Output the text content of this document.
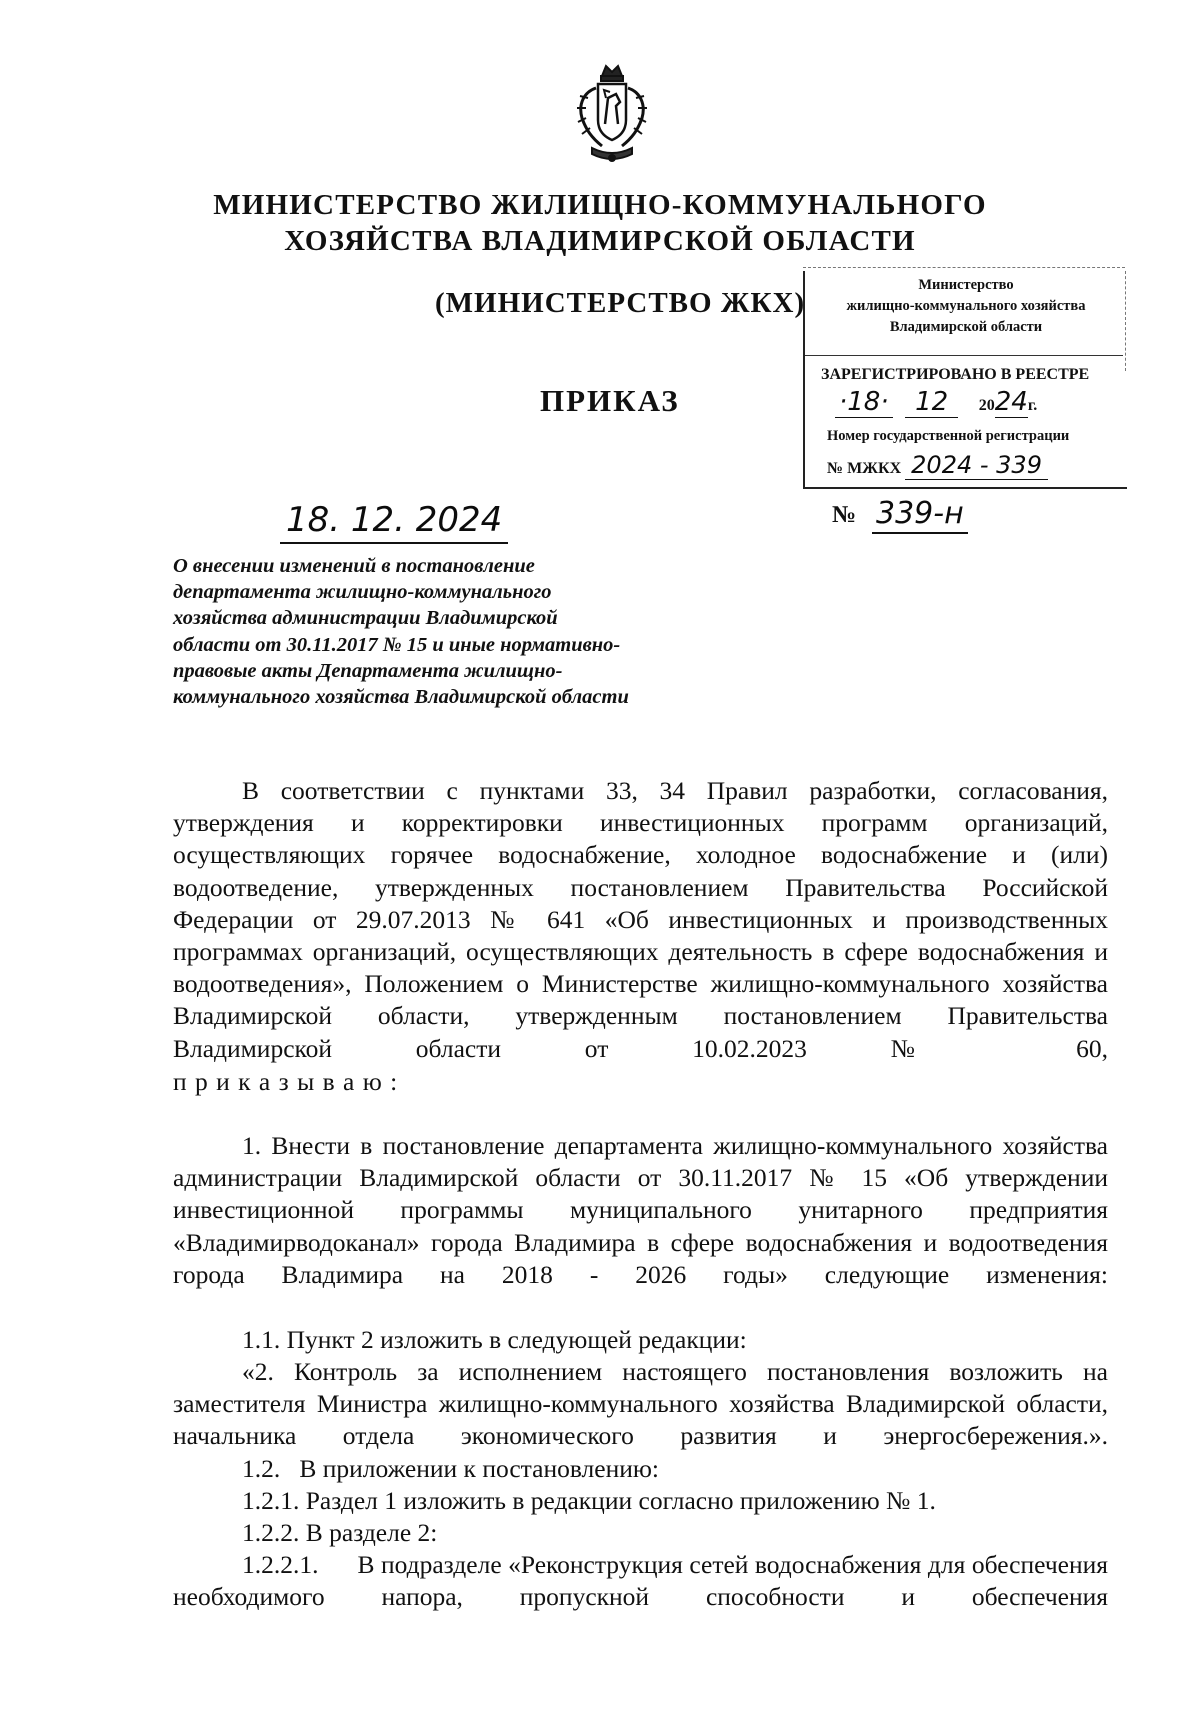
МИНИСТЕРСТВО ЖИЛИЩНО-КОММУНАЛЬНОГО
ХОЗЯЙСТВА ВЛАДИМИРСКОЙ ОБЛАСТИ
(МИНИСТЕРСТВО ЖКХ)
ПРИКАЗ
Министерство
жилищно-коммунального хозяйства
Владимирской области
ЗАРЕГИСТРИРОВАНО В РЕЕСТРЕ
·18· 12 2024г.
Номер государственной регистрации
№ МЖКХ 2024 - 339
18. 12. 2024	№ 339-н
О внесении изменений в постановление департамента жилищно-коммунального хозяйства администрации Владимирской области от 30.11.2017 № 15 и иные нормативно-правовые акты Департамента жилищно-коммунального хозяйства Владимирской области

В соответствии с пунктами 33, 34 Правил разработки, согласования, утверждения и корректировки инвестиционных программ организаций, осуществляющих горячее водоснабжение, холодное водоснабжение и (или) водоотведение, утвержденных постановлением Правительства Российской Федерации от 29.07.2013 № 641 «Об инвестиционных и производственных программах организаций, осуществляющих деятельность в сфере водоснабжения и водоотведения», Положением о Министерстве жилищно-коммунального хозяйства Владимирской области, утвержденным постановлением Правительства Владимирской области от 10.02.2023 № 60,

п р и к а з ы в а ю :

1. Внести в постановление департамента жилищно-коммунального хозяйства администрации Владимирской области от 30.11.2017 № 15 «Об утверждении инвестиционной программы муниципального унитарного предприятия «Владимирводоканал» города Владимира в сфере водоснабжения и водоотведения города Владимира на 2018 - 2026 годы» следующие изменения:

1.1. Пункт 2 изложить в следующей редакции:

«2. Контроль за исполнением настоящего постановления возложить на заместителя Министра жилищно-коммунального хозяйства Владимирской области, начальника отдела экономического развития и энергосбережения.».

1.2.   В приложении к постановлению:

1.2.1. Раздел 1 изложить в редакции согласно приложению № 1.

1.2.2. В разделе 2:

1.2.2.1.      В подразделе «Реконструкция сетей водоснабжения для обеспечения необходимого напора, пропускной способности и обеспечения
